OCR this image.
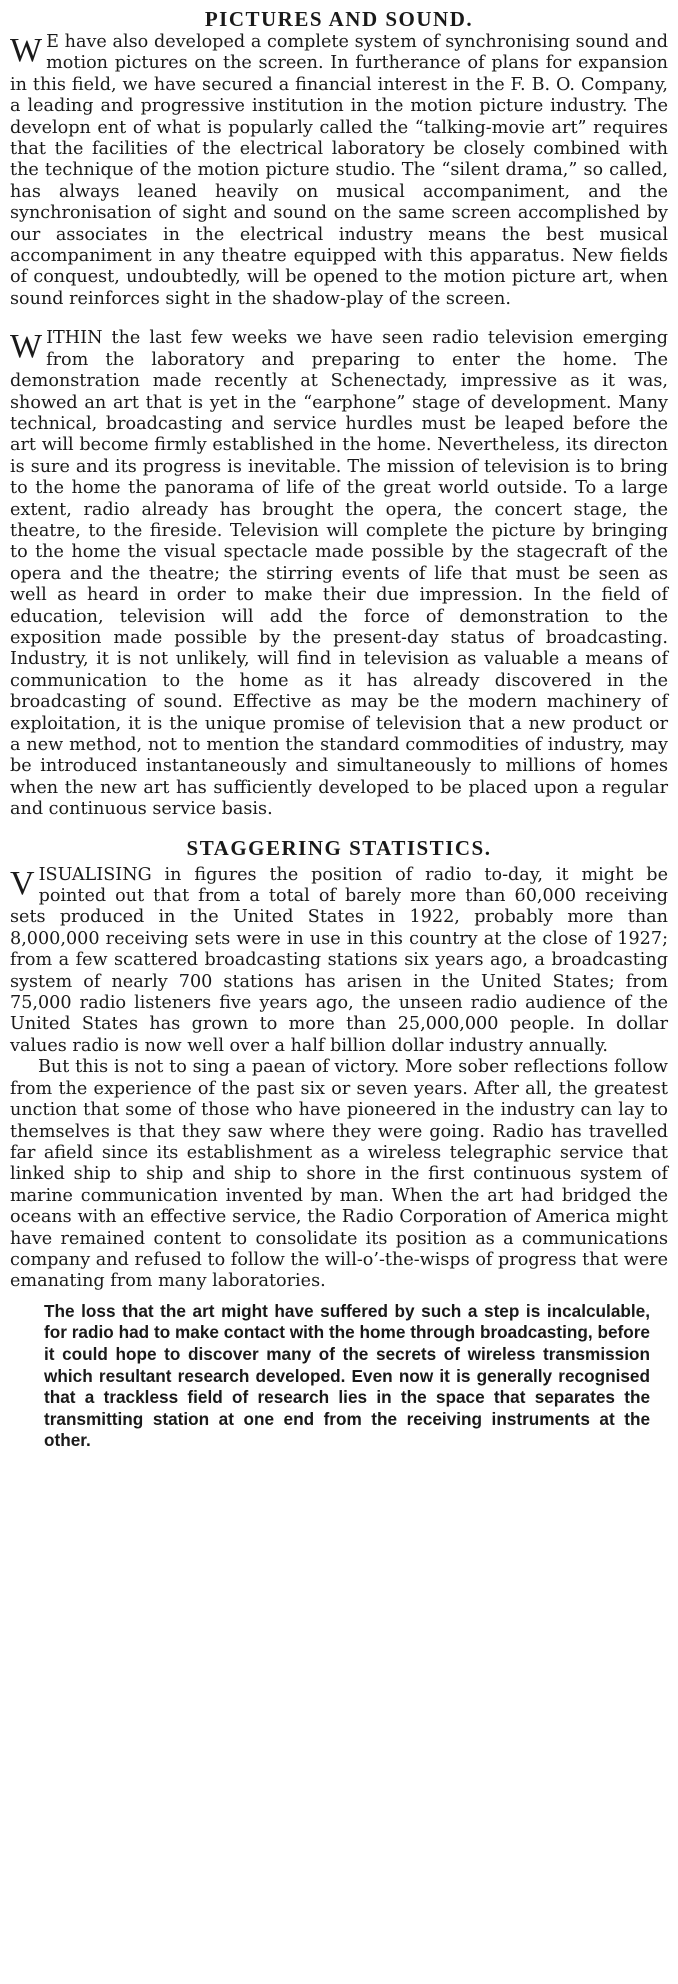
PICTURES AND SOUND.

W E have also developed a complete system of synchronising sound and motion pictures on the screen. In furtherance of plans for expansion in this field, we have secured a financial interest in the F. B. O. Company, a leading and progressive institution in the motion picture industry. The developn ent of what is popularly called the “talking-movie art” requires that the facilities of the electrical laboratory be closely combined with the technique of the motion picture studio. The “silent drama,” so called, has always leaned heavily on musical accompaniment, and the synchronisation of sight and sound on the same screen accomplished by our associates in the electrical industry means the best musical accompaniment in any theatre equipped with this apparatus. New fields of conquest, undoubtedly, will be opened to the motion picture art, when sound reinforces sight in the shadow-play of the screen.

WITHIN the last few weeks we have seen radio television emerging from the laboratory and preparing to enter the home. The demonstration made recently at Schenectady, impressive as it was, showed an art that is yet in the “earphone” stage of development. Many technical, broadcasting and service hurdles must be leaped before the art will become firmly established in the home. Nevertheless, its directon is sure and its progress is inevitable. The mission of television is to bring to the home the panorama of life of the great world outside. To a large extent, radio already has brought the opera, the concert stage, the theatre, to the fireside. Television will complete the picture by bringing to the home the visual spectacle made possible by the stagecraft of the opera and the theatre; the stirring events of life that must be seen as well as heard in order to make their due impression. In the field of education, television will add the force of demonstration to the exposition made possible by the present-day status of broadcasting. Industry, it is not unlikely, will find in television as valuable a means of communication to the home as it has already discovered in the broadcasting of sound. Effective as may be the modern machinery of exploitation, it is the unique promise of television that a new product or a new method, not to mention the standard commodities of industry, may be introduced instantaneously and simultaneously to millions of homes when the new art has sufficiently developed to be placed upon a regular and continuous service basis.

STAGGERING STATISTICS.

VISUALISING in figures the position of radio to-day, it might be pointed out that from a total of barely more than 60,000 receiving sets produced in the United States in 1922, probably more than 8,000,000 receiving sets were in use in this country at the close of 1927; from a few scattered broadcasting stations six years ago, a broadcasting system of nearly 700 stations has arisen in the United States; from 75,000 radio listeners five years ago, the unseen radio audience of the United States has grown to more than 25,000,000 people. In dollar values radio is now well over a half billion dollar industry annually.

But this is not to sing a paean of victory. More sober reflections follow from the experience of the past six or seven years. After all, the greatest unction that some of those who have pioneered in the industry can lay to themselves is that they saw where they were going. Radio has travelled far afield since its establishment as a wireless telegraphic service that linked ship to ship and ship to shore in the first continuous system of marine communication invented by man. When the art had bridged the oceans with an effective service, the Radio Corporation of America might have remained content to consolidate its position as a communications company and refused to follow the will-o’-the-wisps of progress that were emanating from many laboratories.

The loss that the art might have suffered by such a step is incalculable, for radio had to make contact with the home through broadcasting, before it could hope to discover many of the secrets of wireless transmission which resultant research developed. Even now it is generally recognised that a trackless field of research lies in the space that separates the transmitting station at one end from the receiving instruments at the other.
